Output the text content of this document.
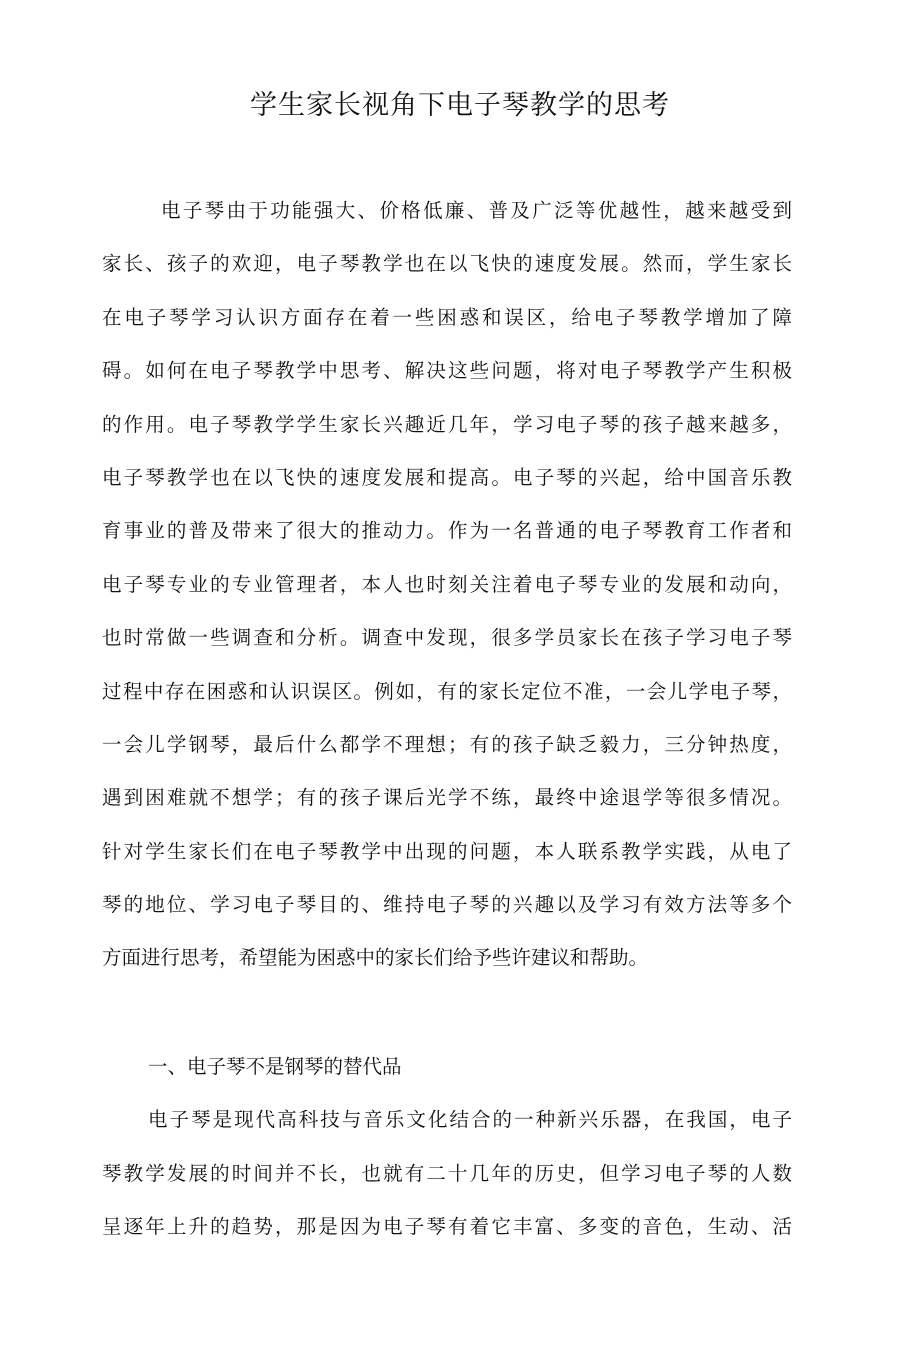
学生家长视角下电子琴教学的思考
电子琴由于功能强大、价格低廉、普及广泛等优越性，越来越受到
家长、孩子的欢迎，电子琴教学也在以飞快的速度发展。然而，学生家长
在电子琴学习认识方面存在着一些困惑和误区，给电子琴教学增加了障
碍。如何在电子琴教学中思考、解决这些问题，将对电子琴教学产生积极
的作用。电子琴教学学生家长兴趣近几年，学习电子琴的孩子越来越多，
电子琴教学也在以飞快的速度发展和提高。电子琴的兴起，给中国音乐教
育事业的普及带来了很大的推动力。作为一名普通的电子琴教育工作者和
电子琴专业的专业管理者，本人也时刻关注着电子琴专业的发展和动向，
也时常做一些调查和分析。调查中发现，很多学员家长在孩子学习电子琴
过程中存在困惑和认识误区。例如，有的家长定位不准，一会儿学电子琴，
一会儿学钢琴，最后什么都学不理想；有的孩子缺乏毅力，三分钟热度，
遇到困难就不想学；有的孩子课后光学不练，最终中途退学等很多情况。
针对学生家长们在电子琴教学中出现的问题，本人联系教学实践，从电了
琴的地位、学习电子琴目的、维持电子琴的兴趣以及学习有效方法等多个
方面进行思考，希望能为困惑中的家长们给予些许建议和帮助。
一、电子琴不是钢琴的替代品
电子琴是现代高科技与音乐文化结合的一种新兴乐器，在我国，电子
琴教学发展的时间并不长，也就有二十几年的历史，但学习电子琴的人数
呈逐年上升的趋势，那是因为电子琴有着它丰富、多变的音色，生动、活
